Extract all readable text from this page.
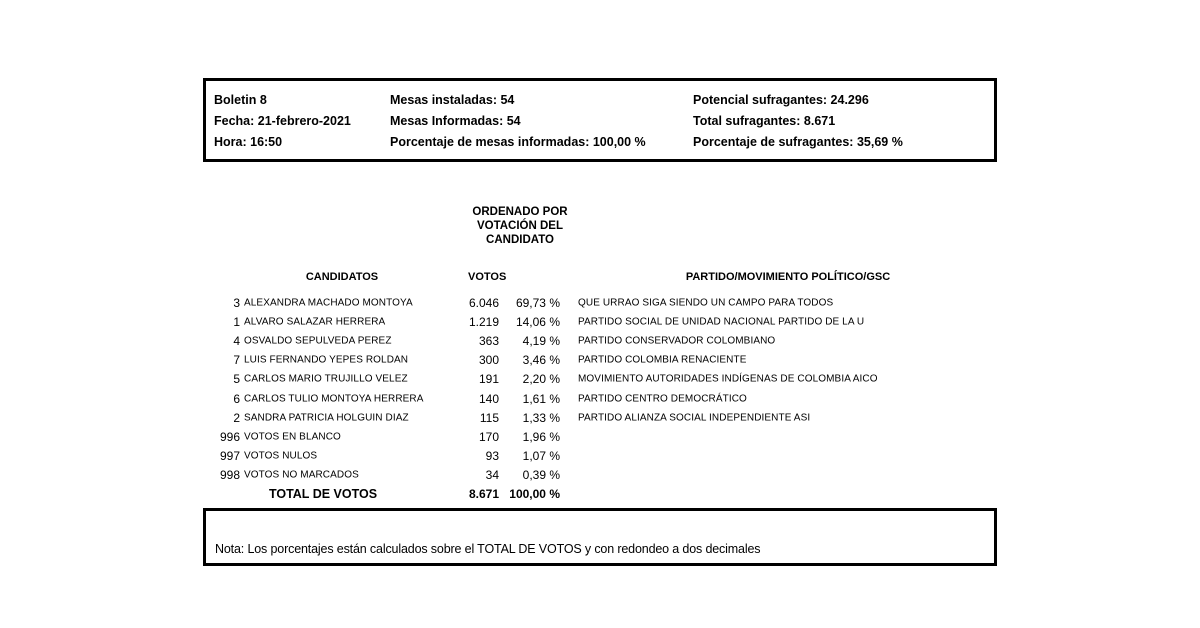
Boletin 8	Mesas instaladas: 54	Potencial sufragantes: 24.296
Fecha: 21-febrero-2021	Mesas Informadas: 54	Total sufragantes: 8.671
Hora: 16:50	Porcentaje de mesas informadas: 100,00 %	Porcentaje de sufragantes: 35,69 %
ORDENADO POR
VOTACIÓN DEL
CANDIDATO
CANDIDATOS	VOTOS	PARTIDO/MOVIMIENTO POLÍTICO/GSC
3 ALEXANDRA MACHADO MONTOYA	6.046	69,73 % QUE URRAO SIGA SIENDO UN CAMPO PARA TODOS
1 ALVARO SALAZAR HERRERA	1.219	14,06 % PARTIDO SOCIAL DE UNIDAD NACIONAL PARTIDO DE LA U
4 OSVALDO SEPULVEDA PEREZ	363	4,19 % PARTIDO CONSERVADOR COLOMBIANO
7 LUIS FERNANDO YEPES ROLDAN	300	3,46 % PARTIDO COLOMBIA RENACIENTE
5 CARLOS MARIO TRUJILLO VELEZ	191	2,20 % MOVIMIENTO AUTORIDADES INDÍGENAS DE COLOMBIA AICO
6 CARLOS TULIO MONTOYA HERRERA	140	1,61 % PARTIDO CENTRO DEMOCRÁTICO
2 SANDRA PATRICIA HOLGUIN DIAZ	115	1,33 % PARTIDO ALIANZA SOCIAL INDEPENDIENTE ASI
996 VOTOS EN BLANCO	170	1,96 %
997 VOTOS NULOS	93	1,07 %
998 VOTOS NO MARCADOS	34	0,39 %
TOTAL DE VOTOS	8.671 100,00 %
Nota: Los porcentajes están calculados sobre el TOTAL DE VOTOS y con redondeo a dos decimales
